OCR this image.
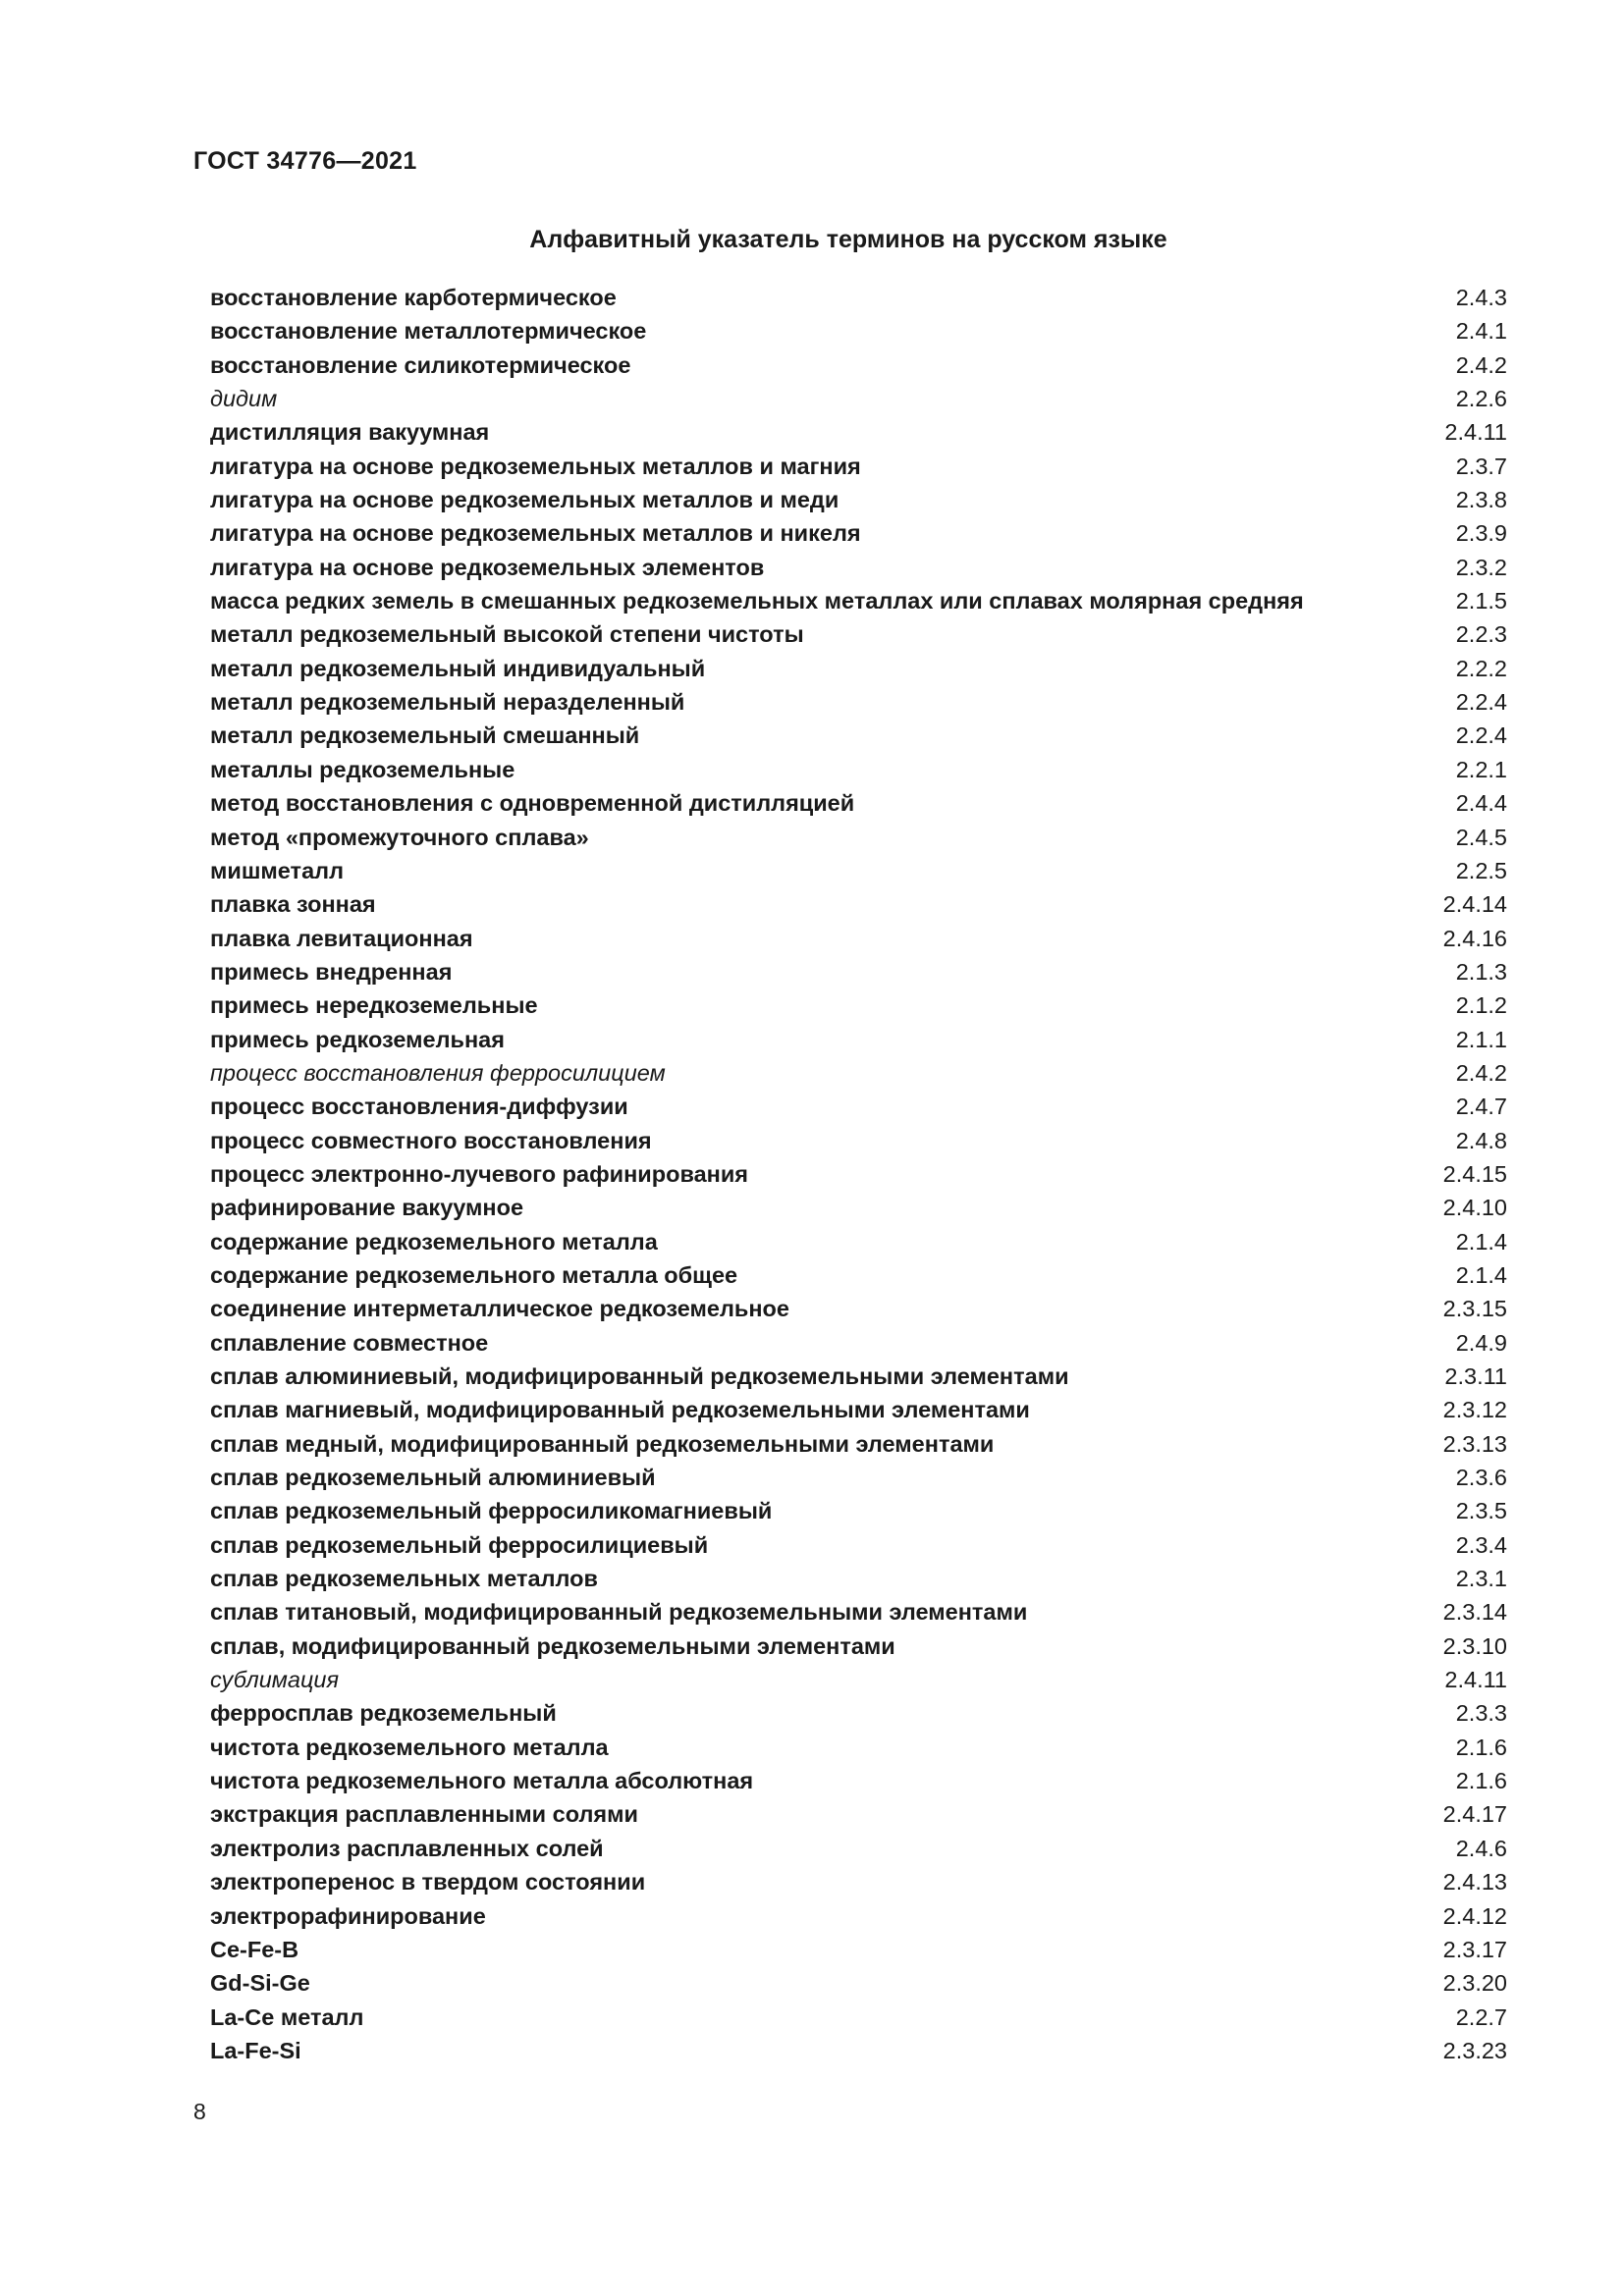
ГОСТ 34776—2021
Алфавитный указатель терминов на русском языке
восстановление карботермическое	2.4.3
восстановление металлотермическое	2.4.1
восстановление силикотермическое	2.4.2
дидим	2.2.6
дистилляция вакуумная	2.4.11
лигатура на основе редкоземельных металлов и магния	2.3.7
лигатура на основе редкоземельных металлов и меди	2.3.8
лигатура на основе редкоземельных металлов и никеля	2.3.9
лигатура на основе редкоземельных элементов	2.3.2
масса редких земель в смешанных редкоземельных металлах или сплавах молярная средняя	2.1.5
металл редкоземельный высокой степени чистоты	2.2.3
металл редкоземельный индивидуальный	2.2.2
металл редкоземельный неразделенный	2.2.4
металл редкоземельный смешанный	2.2.4
металлы редкоземельные	2.2.1
метод восстановления с одновременной дистилляцией	2.4.4
метод «промежуточного сплава»	2.4.5
мишметалл	2.2.5
плавка зонная	2.4.14
плавка левитационная	2.4.16
примесь внедренная	2.1.3
примесь нередкоземельные	2.1.2
примесь редкоземельная	2.1.1
процесс восстановления ферросилицием	2.4.2
процесс восстановления-диффузии	2.4.7
процесс совместного восстановления	2.4.8
процесс электронно-лучевого рафинирования	2.4.15
рафинирование вакуумное	2.4.10
содержание редкоземельного металла	2.1.4
содержание редкоземельного металла общее	2.1.4
соединение интерметаллическое редкоземельное	2.3.15
сплавление совместное	2.4.9
сплав алюминиевый, модифицированный редкоземельными элементами	2.3.11
сплав магниевый, модифицированный редкоземельными элементами	2.3.12
сплав медный, модифицированный редкоземельными элементами	2.3.13
сплав редкоземельный алюминиевый	2.3.6
сплав редкоземельный ферросиликомагниевый	2.3.5
сплав редкоземельный ферросилициевый	2.3.4
сплав редкоземельных металлов	2.3.1
сплав титановый, модифицированный редкоземельными элементами	2.3.14
сплав, модифицированный редкоземельными элементами	2.3.10
сублимация	2.4.11
ферросплав редкоземельный	2.3.3
чистота редкоземельного металла	2.1.6
чистота редкоземельного металла абсолютная	2.1.6
экстракция расплавленными солями	2.4.17
электролиз расплавленных солей	2.4.6
электроперенос в твердом состоянии	2.4.13
электрорафинирование	2.4.12
Ce-Fe-B	2.3.17
Gd-Si-Ge	2.3.20
La-Ce металл	2.2.7
La-Fe-Si	2.3.23
8
